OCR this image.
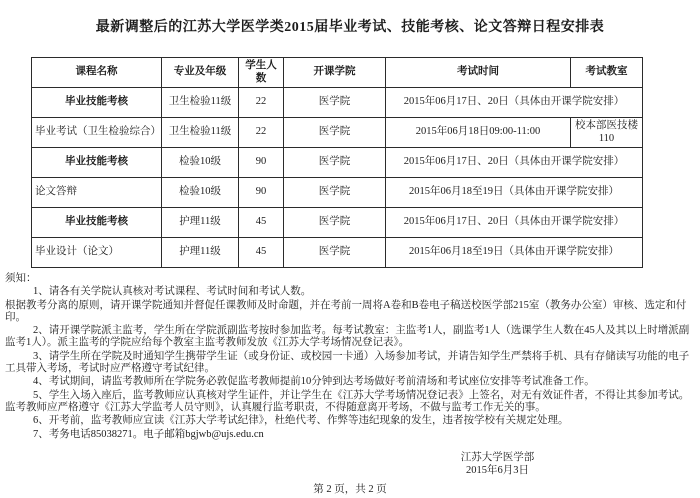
最新调整后的江苏大学医学类2015届毕业考试、技能考核、论文答辩日程安排表
课程名称	专业及年级	学生人数	开课学院	考试时间	考试教室
毕业技能考核	卫生检验11级	22	医学院	2015年06月17日、20日（具体由开课学院安排）	
毕业考试（卫生检验综合）	卫生检验11级	22	医学院	2015年06月18日09:00-11:00	校本部医技楼110
毕业技能考核	检验10级	90	医学院	2015年06月17日、20日（具体由开课学院安排）	
论文答辩	检验10级	90	医学院	2015年06月18至19日（具体由开课学院安排）	
毕业技能考核	护理11级	45	医学院	2015年06月17日、20日（具体由开课学院安排）	
毕业设计（论文）	护理11级	45	医学院	2015年06月18至19日（具体由开课学院安排）	

须知：

1、请各有关学院认真核对考试课程、考试时间和考试人数。

根据教考分离的原则，请开课学院通知并督促任课教师及时命题，并在考前一周将A卷和B卷电子稿送校医学部215室（教务办公室）审核、选定和付印。

2、请开课学院派主监考，学生所在学院派副监考按时参加监考。每考试教室：主监考1人，副监考1人（选课学生人数在45人及其以上时增派副监考1人）。派主监考的学院应给每个教室主监考教师发放《江苏大学考场情况登记表》。

3、请学生所在学院及时通知学生携带学生证（或身份证、或校园一卡通）入场参加考试，并请告知学生严禁将手机、具有存储读写功能的电子工具带入考场，考试时应严格遵守考试纪律。

4、考试期间，请监考教师所在学院务必敦促监考教师提前10分钟到达考场做好考前清场和考试座位安排等考试准备工作。

5、学生入场入座后，监考教师应认真核对学生证件，并让学生在《江苏大学考场情况登记表》上签名，对无有效证件者，不得让其参加考试。监考教师应严格遵守《江苏大学监考人员守则》，认真履行监考职责，不得随意离开考场，不做与监考工作无关的事。

6、开考前，监考教师应宣读《江苏大学考试纪律》，杜绝代考、作弊等违纪现象的发生，违者按学校有关规定处理。

7、考务电话85038271。电子邮箱bgjwb@ujs.edu.cn

江苏大学医学部
2015年6月3日
第 2 页，共 2 页
